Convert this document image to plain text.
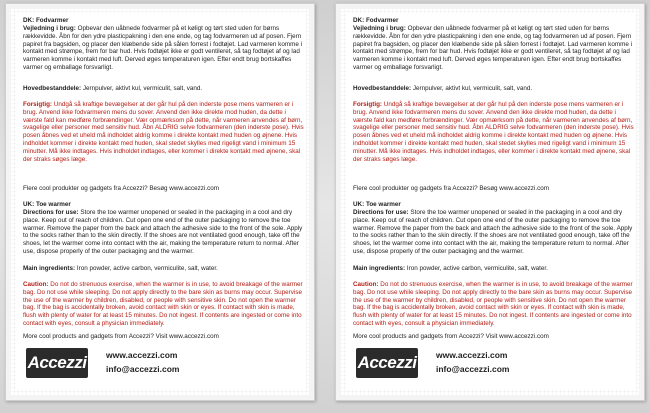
DK: Fodvarmer

Vejledning i brug: Opbevar den uåbnede fodvarmer på et køligt og tørt sted uden for børns rækkevidde. Åbn for den ydre plasticpakning i den ene ende, og tag fodvarmeren ud af posen. Fjern papiret fra bagsiden, og placer den klæbende side på sålen forrest i fodtøjet. Lad varmeren komme i kontakt med strømpe, frem for bar hud. Hvis fodtøjet ikke er godt ventileret, så tag fodtøjet af og lad varmeren komme i kontakt med luft. Derved øges temperaturen igen. Efter endt brug bortskaffes varmer og emballage forsvarligt.

Hovedbestanddele: Jernpulver, aktivt kul, vermiculit, salt, vand.

Forsigtig: Undgå så kraftige bevægelser at der går hul på den inderste pose mens varmeren er i brug. Anvend ikke fodvarmeren mens du sover. Anvend den ikke direkte mod huden, da dette i værste fald kan medføre forbrændinger. Vær opmærksom på dette, når varmeren anvendes af børn, svagelige eller personer med sensitiv hud. Åbn ALDRIG selve fodvarmeren (den inderste pose). Hvis posen åbnes ved et uheld må indholdet aldrig komme i direkte kontakt med huden og øjnene. Hvis indholdet kommer i direkte kontakt med huden, skal stedet skylles med rigeligt vand i minimum 15 minutter. Må ikke indtages. Hvis indholdet indtages, eller kommer i direkte kontakt med øjnene, skal der straks søges læge.

Flere cool produkter og gadgets fra Accezzi? Besøg www.accezzi.com

UK: Toe warmer

Directions for use: Store the toe warmer unopened or sealed in the packaging in a cool and dry place. Keep out of reach of children. Cut open one end of the outer packaging to remove the toe warmer. Remove the paper from the back and attach the adhesive side to the front of the sole. Apply to the socks rather than to the skin directly. If the shoes are not ventilated good enough, take off the shoes, let the warmer come into contact with the air, making the temperature return to normal. After use, dispose properly of the outer packaging and the warmer.

Main ingredients: Iron powder, active carbon, vermiculite, salt, water.

Caution: Do not do strenuous exercise, when the warmer is in use, to avoid breakage of the warmer bag. Do not use while sleeping. Do not apply directly to the bare skin as burns may occur. Supervise the use of the warmer by children, disabled, or people with sensitive skin. Do not open the warmer bag. If the bag is accidentally broken, avoid contact with skin or eyes. If contact with skin is made, flush with plenty of water for at least 15 minutes. Do not ingest. If contents are ingested or come into contact with eyes, consult a physician immediately.

More cool products and gadgets from Accezzi? Visit www.accezzi.com

Accezzi www.accezzi.com
info@accezzi.com

DK: Fodvarmer

Vejledning i brug: Opbevar den uåbnede fodvarmer på et køligt og tørt sted uden for børns rækkevidde. Åbn for den ydre plasticpakning i den ene ende, og tag fodvarmeren ud af posen. Fjern papiret fra bagsiden, og placer den klæbende side på sålen forrest i fodtøjet. Lad varmeren komme i kontakt med strømpe, frem for bar hud. Hvis fodtøjet ikke er godt ventileret, så tag fodtøjet af og lad varmeren komme i kontakt med luft. Derved øges temperaturen igen. Efter endt brug bortskaffes varmer og emballage forsvarligt.

Hovedbestanddele: Jernpulver, aktivt kul, vermiculit, salt, vand.

Forsigtig: Undgå så kraftige bevægelser at der går hul på den inderste pose mens varmeren er i brug. Anvend ikke fodvarmeren mens du sover. Anvend den ikke direkte mod huden, da dette i værste fald kan medføre forbrændinger. Vær opmærksom på dette, når varmeren anvendes af børn, svagelige eller personer med sensitiv hud. Åbn ALDRIG selve fodvarmeren (den inderste pose). Hvis posen åbnes ved et uheld må indholdet aldrig komme i direkte kontakt med huden og øjnene. Hvis indholdet kommer i direkte kontakt med huden, skal stedet skylles med rigeligt vand i minimum 15 minutter. Må ikke indtages. Hvis indholdet indtages, eller kommer i direkte kontakt med øjnene, skal der straks søges læge.

Flere cool produkter og gadgets fra Accezzi? Besøg www.accezzi.com

UK: Toe warmer

Directions for use: Store the toe warmer unopened or sealed in the packaging in a cool and dry place. Keep out of reach of children. Cut open one end of the outer packaging to remove the toe warmer. Remove the paper from the back and attach the adhesive side to the front of the sole. Apply to the socks rather than to the skin directly. If the shoes are not ventilated good enough, take off the shoes, let the warmer come into contact with the air, making the temperature return to normal. After use, dispose properly of the outer packaging and the warmer.

Main ingredients: Iron powder, active carbon, vermiculite, salt, water.

Caution: Do not do strenuous exercise, when the warmer is in use, to avoid breakage of the warmer bag. Do not use while sleeping. Do not apply directly to the bare skin as burns may occur. Supervise the use of the warmer by children, disabled, or people with sensitive skin. Do not open the warmer bag. If the bag is accidentally broken, avoid contact with skin or eyes. If contact with skin is made, flush with plenty of water for at least 15 minutes. Do not ingest. If contents are ingested or come into contact with eyes, consult a physician immediately.

More cool products and gadgets from Accezzi? Visit www.accezzi.com

Accezzi www.accezzi.com
info@accezzi.com
